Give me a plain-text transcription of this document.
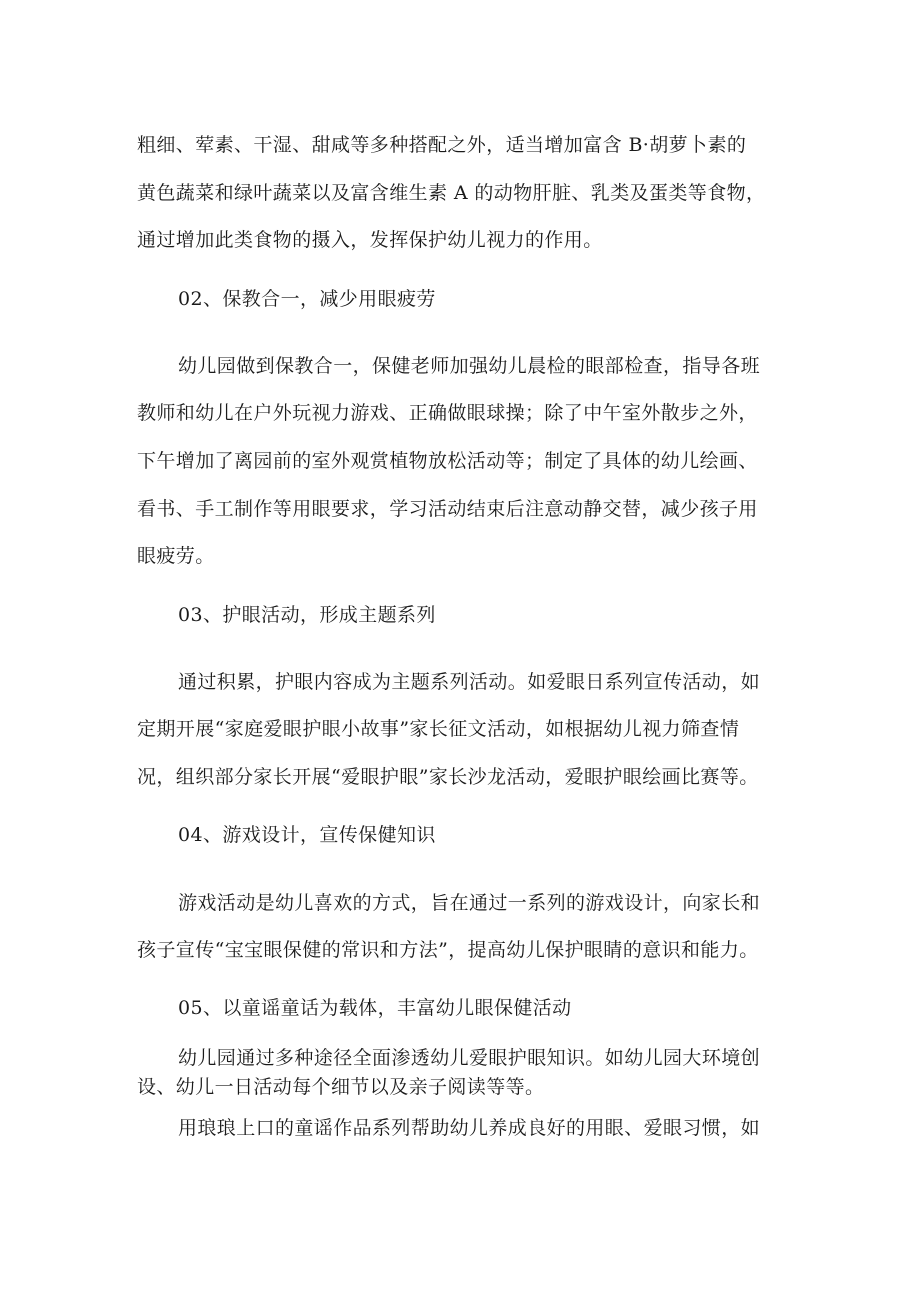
粗细、荤素、干湿、甜咸等多种搭配之外，适当增加富含 B·胡萝卜素的
黄色蔬菜和绿叶蔬菜以及富含维生素 A 的动物肝脏、乳类及蛋类等食物，
通过增加此类食物的摄入，发挥保护幼儿视力的作用。
02、保教合一，减少用眼疲劳
幼儿园做到保教合一，保健老师加强幼儿晨检的眼部检查，指导各班
教师和幼儿在户外玩视力游戏、正确做眼球操；除了中午室外散步之外，
下午增加了离园前的室外观赏植物放松活动等；制定了具体的幼儿绘画、
看书、手工制作等用眼要求，学习活动结束后注意动静交替，减少孩子用
眼疲劳。
03、护眼活动，形成主题系列
通过积累，护眼内容成为主题系列活动。如爱眼日系列宣传活动，如
定期开展“家庭爱眼护眼小故事”家长征文活动，如根据幼儿视力筛查情
况，组织部分家长开展“爱眼护眼”家长沙龙活动，爱眼护眼绘画比赛等。
04、游戏设计，宣传保健知识
游戏活动是幼儿喜欢的方式，旨在通过一系列的游戏设计，向家长和
孩子宣传“宝宝眼保健的常识和方法”，提高幼儿保护眼睛的意识和能力。
05、以童谣童话为载体，丰富幼儿眼保健活动
幼儿园通过多种途径全面渗透幼儿爱眼护眼知识。如幼儿园大环境创
设、幼儿一日活动每个细节以及亲子阅读等等。
用琅琅上口的童谣作品系列帮助幼儿养成良好的用眼、爱眼习惯，如
